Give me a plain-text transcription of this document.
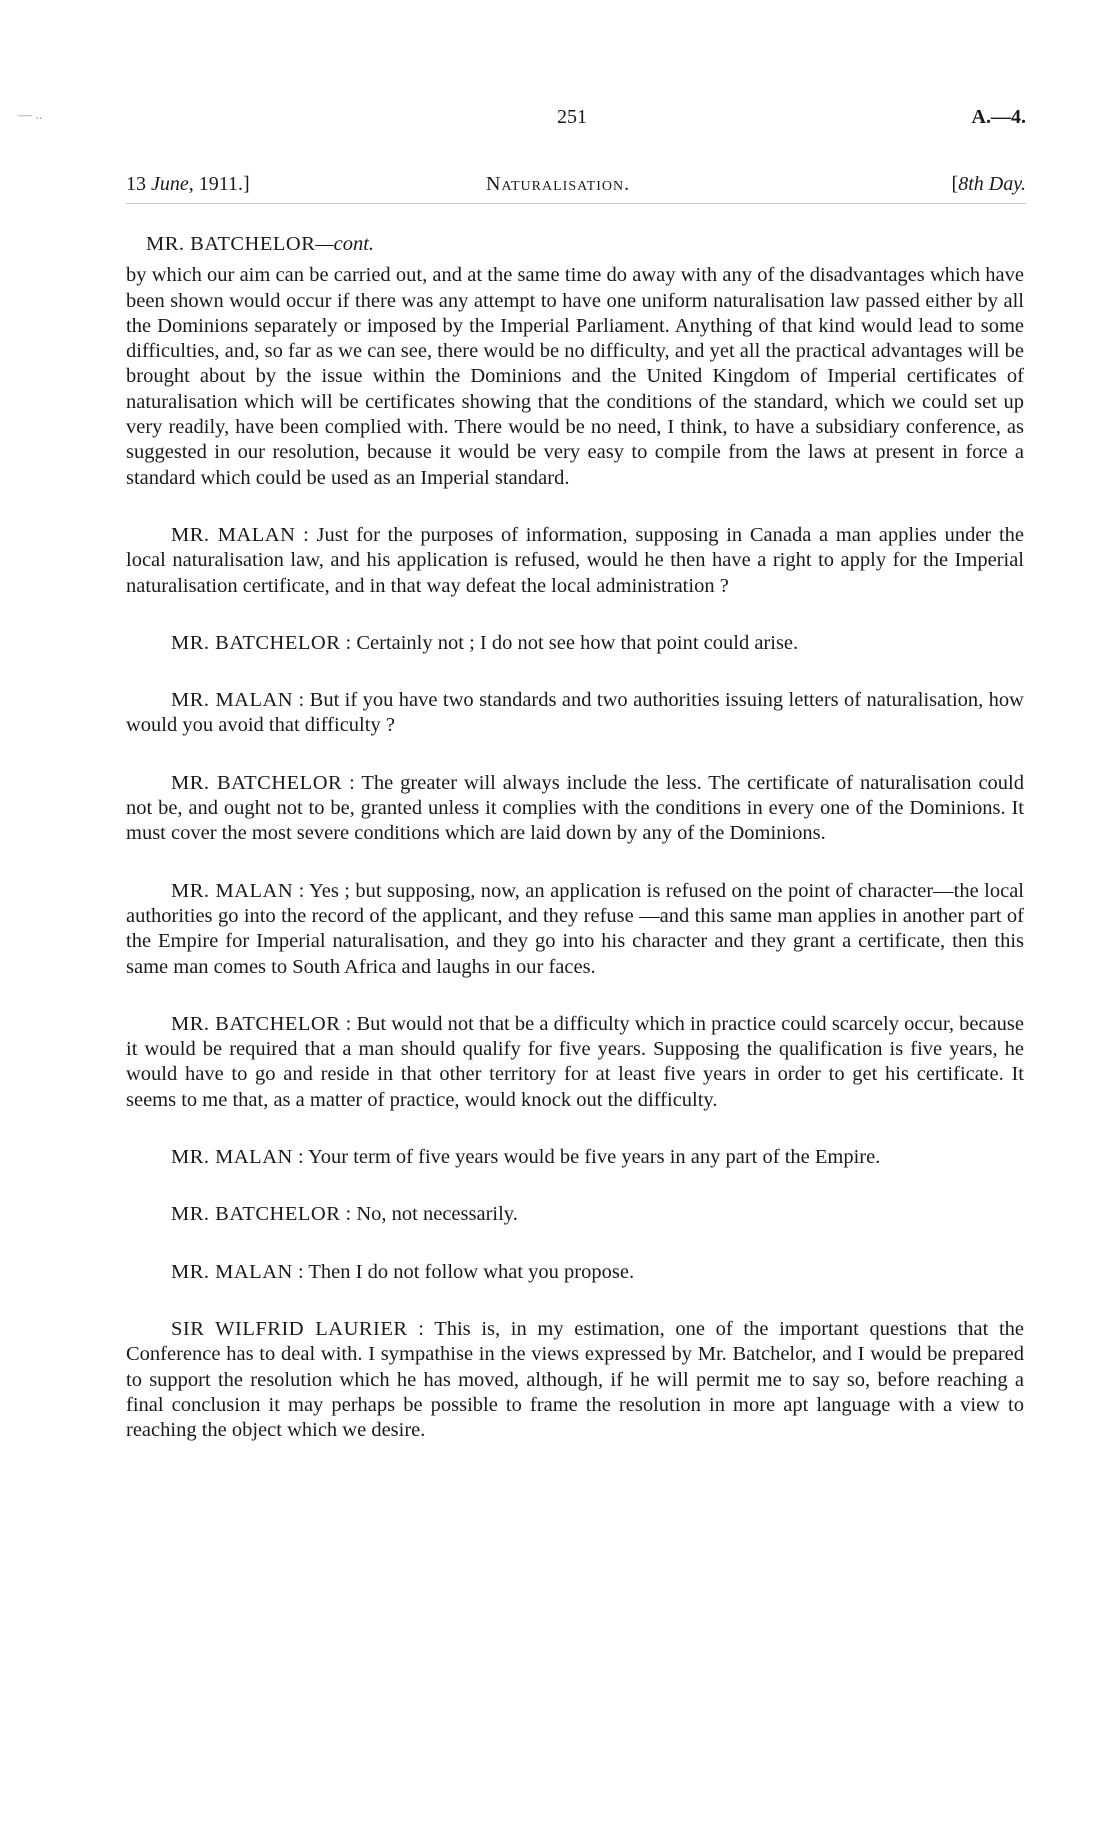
— ..	251	A.—4.
13 June, 1911.]	Naturalisation.	[8th Day.

MR. BATCHELOR—cont.

by which our aim can be carried out, and at the same time do away with any of the disadvantages which have been shown would occur if there was any attempt to have one uniform naturalisation law passed either by all the Dominions separately or imposed by the Imperial Parliament. Anything of that kind would lead to some difficulties, and, so far as we can see, there would be no difficulty, and yet all the practical advantages will be brought about by the issue within the Dominions and the United Kingdom of Imperial certificates of naturalisation which will be certificates showing that the conditions of the standard, which we could set up very readily, have been complied with. There would be no need, I think, to have a subsidiary conference, as suggested in our resolution, because it would be very easy to compile from the laws at present in force a standard which could be used as an Imperial standard.

MR. MALAN : Just for the purposes of information, supposing in Canada a man applies under the local naturalisation law, and his application is refused, would he then have a right to apply for the Imperial naturalisation certificate, and in that way defeat the local administration ?

MR. BATCHELOR : Certainly not ; I do not see how that point could arise.

MR. MALAN : But if you have two standards and two authorities issuing letters of naturalisation, how would you avoid that difficulty ?

MR. BATCHELOR : The greater will always include the less. The certificate of naturalisation could not be, and ought not to be, granted unless it complies with the conditions in every one of the Dominions. It must cover the most severe conditions which are laid down by any of the Dominions.

MR. MALAN : Yes ; but supposing, now, an application is refused on the point of character—the local authorities go into the record of the applicant, and they refuse —and this same man applies in another part of the Empire for Imperial naturalisation, and they go into his character and they grant a certificate, then this same man comes to South Africa and laughs in our faces.

MR. BATCHELOR : But would not that be a difficulty which in practice could scarcely occur, because it would be required that a man should qualify for five years. Supposing the qualification is five years, he would have to go and reside in that other territory for at least five years in order to get his certificate. It seems to me that, as a matter of practice, would knock out the difficulty.

MR. MALAN : Your term of five years would be five years in any part of the Empire.

MR. BATCHELOR : No, not necessarily.

MR. MALAN : Then I do not follow what you propose.

SIR WILFRID LAURIER : This is, in my estimation, one of the important questions that the Conference has to deal with. I sympathise in the views expressed by Mr. Batchelor, and I would be prepared to support the resolution which he has moved, although, if he will permit me to say so, before reaching a final conclusion it may perhaps be possible to frame the resolution in more apt language with a view to reaching the object which we desire.
